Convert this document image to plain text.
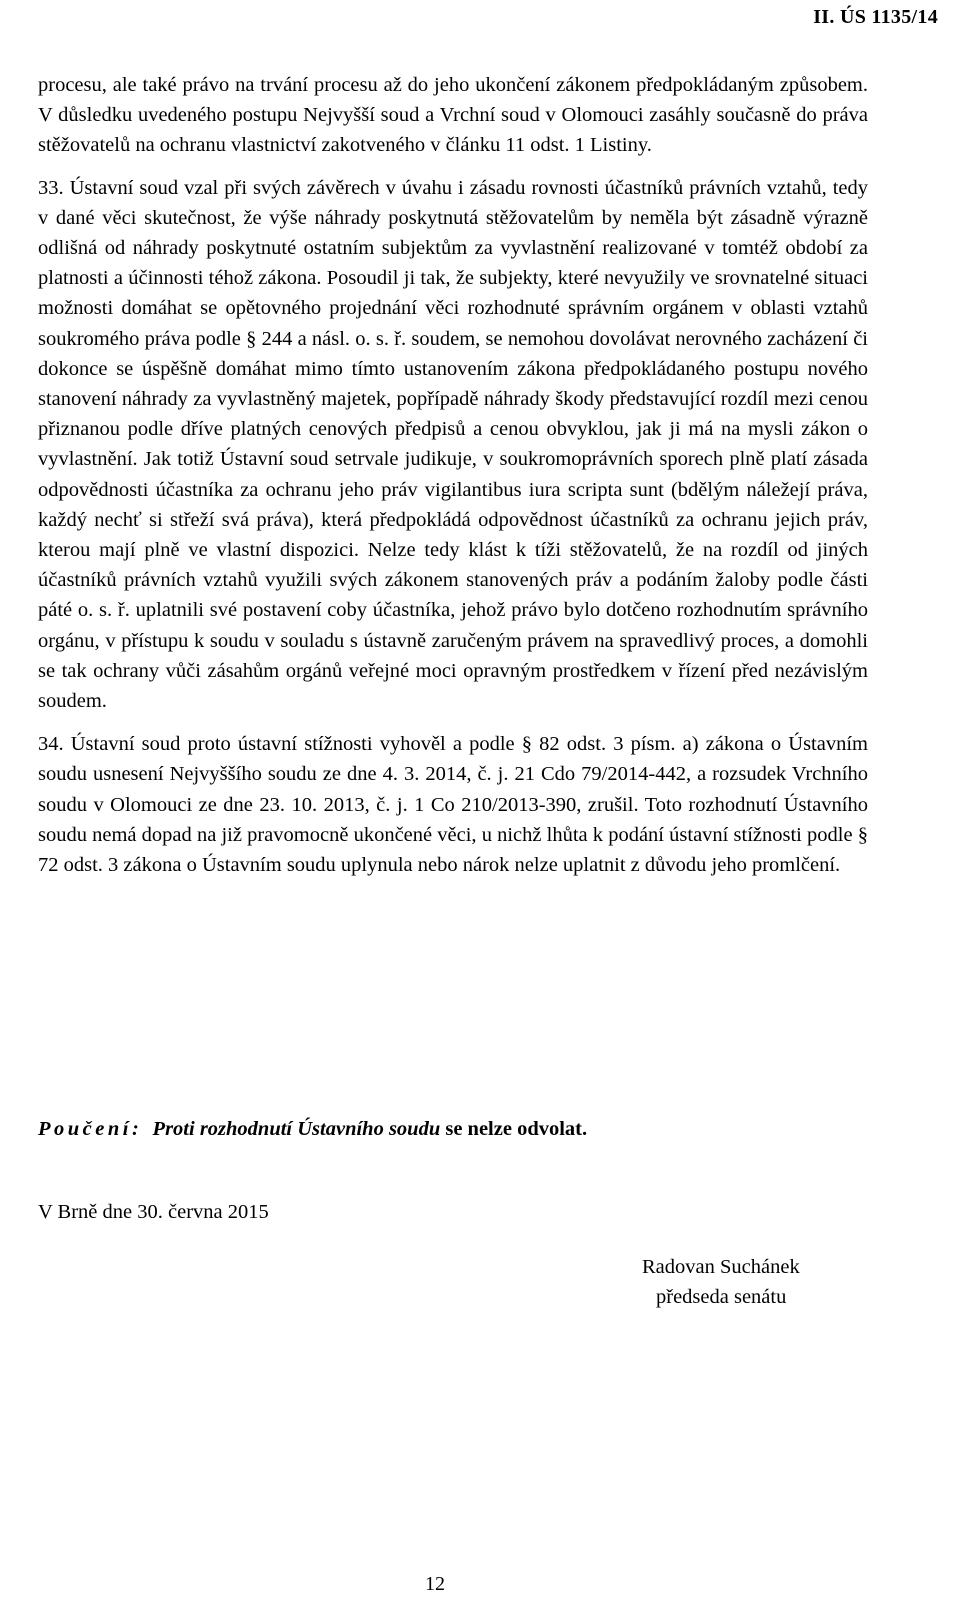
II. ÚS 1135/14

procesu, ale také právo na trvání procesu až do jeho ukončení zákonem předpokládaným způsobem. V důsledku uvedeného postupu Nejvyšší soud a Vrchní soud v Olomouci zasáhly současně do práva stěžovatelů na ochranu vlastnictví zakotveného v článku 11 odst. 1 Listiny.

33. Ústavní soud vzal při svých závěrech v úvahu i zásadu rovnosti účastníků právních vztahů, tedy v dané věci skutečnost, že výše náhrady poskytnutá stěžovatelům by neměla být zásadně výrazně odlišná od náhrady poskytnuté ostatním subjektům za vyvlastnění realizované v tomtéž období za platnosti a účinnosti téhož zákona. Posoudil ji tak, že subjekty, které nevyužily ve srovnatelné situaci možnosti domáhat se opětovného projednání věci rozhodnuté správním orgánem v oblasti vztahů soukromého práva podle § 244 a násl. o. s. ř. soudem, se nemohou dovolávat nerovného zacházení či dokonce se úspěšně domáhat mimo tímto ustanovením zákona předpokládaného postupu nového stanovení náhrady za vyvlastněný majetek, popřípadě náhrady škody představující rozdíl mezi cenou přiznanou podle dříve platných cenových předpisů a cenou obvyklou, jak ji má na mysli zákon o vyvlastnění. Jak totiž Ústavní soud setrvale judikuje, v soukromoprávních sporech plně platí zásada odpovědnosti účastníka za ochranu jeho práv vigilantibus iura scripta sunt (bdělým náležejí práva, každý nechť si střeží svá práva), která předpokládá odpovědnost účastníků za ochranu jejich práv, kterou mají plně ve vlastní dispozici. Nelze tedy klást k tíži stěžovatelů, že na rozdíl od jiných účastníků právních vztahů využili svých zákonem stanovených práv a podáním žaloby podle části páté o. s. ř. uplatnili své postavení coby účastníka, jehož právo bylo dotčeno rozhodnutím správního orgánu, v přístupu k soudu v souladu s ústavně zaručeným právem na spravedlivý proces, a domohli se tak ochrany vůči zásahům orgánů veřejné moci opravným prostředkem v řízení před nezávislým soudem.

34. Ústavní soud proto ústavní stížnosti vyhověl a podle § 82 odst. 3 písm. a) zákona o Ústavním soudu usnesení Nejvyššího soudu ze dne 4. 3. 2014, č. j. 21 Cdo 79/2014-442, a rozsudek Vrchního soudu v Olomouci ze dne 23. 10. 2013, č. j. 1 Co 210/2013-390, zrušil. Toto rozhodnutí Ústavního soudu nemá dopad na již pravomocně ukončené věci, u nichž lhůta k podání ústavní stížnosti podle § 72 odst. 3 zákona o Ústavním soudu uplynula nebo nárok nelze uplatnit z důvodu jeho promlčení.

Poučení: Proti rozhodnutí Ústavního soudu se nelze odvolat.
V Brně dne 30. června 2015
Radovan Suchánek
předseda senátu
12
